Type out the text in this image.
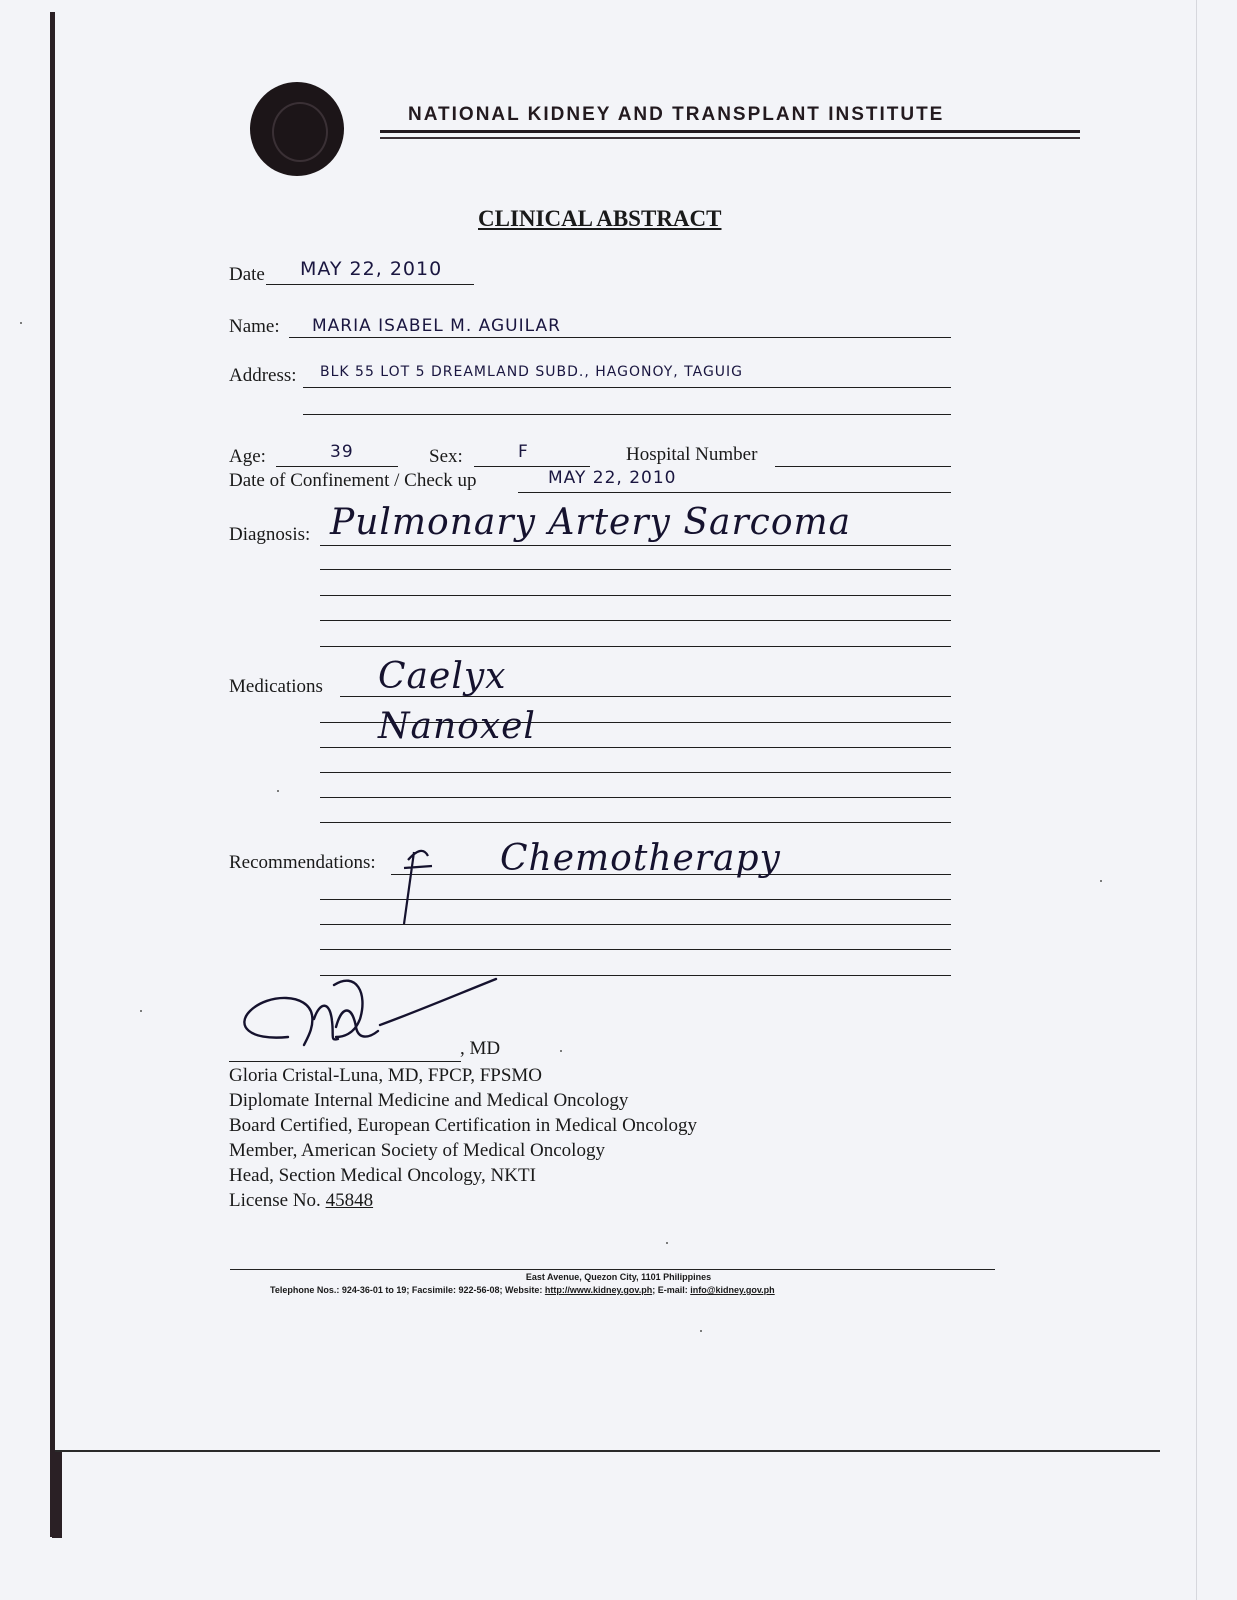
NATIONAL KIDNEY AND TRANSPLANT INSTITUTE
CLINICAL ABSTRACT
Date MAY 22, 2010
Name: MARIA ISABEL M. AGUILAR
Address: BLK 55 LOT 5 DREAMLAND SUBD., HAGONOY, TAGUIG
Age:	39	Sex:	F	Hospital Number
Date of Confinement / Check up	MAY 22, 2010
Diagnosis: Pulmonary Artery Sarcoma
Medications Caelyx
Nanoxel
Recommendations:	Chemotherapy
, MD
Gloria Cristal-Luna, MD, FPCP, FPSMO
Diplomate Internal Medicine and Medical Oncology
Board Certified, European Certification in Medical Oncology
Member, American Society of Medical Oncology
Head, Section Medical Oncology, NKTI
License No. 45848
East Avenue, Quezon City, 1101 Philippines
Telephone Nos.: 924-36-01 to 19; Facsimile: 922-56-08; Website: http://www.kidney.gov.ph; E-mail: info@kidney.gov.ph
